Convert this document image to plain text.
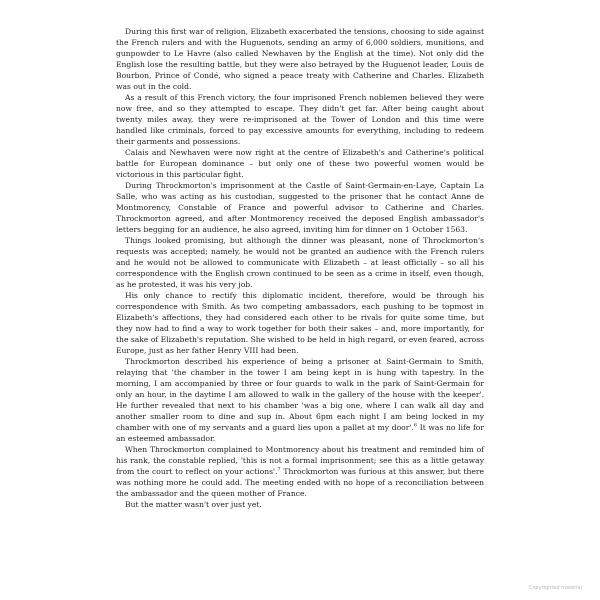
During this first war of religion, Elizabeth exacerbated the tensions, choosing to side against the French rulers and with the Huguenots, sending an army of 6,000 soldiers, munitions, and gunpowder to Le Havre (also called Newhaven by the English at the time). Not only did the English lose the resulting battle, but they were also betrayed by the Huguenot leader, Louis de Bourbon, Prince of Condé, who signed a peace treaty with Catherine and Charles. Elizabeth was out in the cold.

As a result of this French victory, the four imprisoned French noblemen believed they were now free, and so they attempted to escape. They didn't get far. After being caught about twenty miles away, they were re-imprisoned at the Tower of London and this time were handled like criminals, forced to pay excessive amounts for everything, including to redeem their garments and possessions.

Calais and Newhaven were now right at the centre of Elizabeth's and Catherine's political battle for European dominance – but only one of these two powerful women would be victorious in this particular fight.

During Throckmorton's imprisonment at the Castle of Saint-Germain-en-Laye, Captain La Salle, who was acting as his custodian, suggested to the prisoner that he contact Anne de Montmorency, Constable of France and powerful advisor to Catherine and Charles. Throckmorton agreed, and after Montmorency received the deposed English ambassador's letters begging for an audience, he also agreed, inviting him for dinner on 1 October 1563.

Things looked promising, but although the dinner was pleasant, none of Throckmorton's requests was accepted; namely, he would not be granted an audience with the French rulers and he would not be allowed to communicate with Elizabeth – at least officially – so all his correspondence with the English crown continued to be seen as a crime in itself, even though, as he protested, it was his very job.

His only chance to rectify this diplomatic incident, therefore, would be through his correspondence with Smith. As two competing ambassadors, each pushing to be topmost in Elizabeth's affections, they had considered each other to be rivals for quite some time, but they now had to find a way to work together for both their sakes – and, more importantly, for the sake of Elizabeth's reputation. She wished to be held in high regard, or even feared, across Europe, just as her father Henry VIII had been.

Throckmorton described his experience of being a prisoner at Saint-Germain to Smith, relaying that 'the chamber in the tower I am being kept in is hung with tapestry. In the morning, I am accompanied by three or four guards to walk in the park of Saint-Germain for only an hour, in the daytime I am allowed to walk in the gallery of the house with the keeper'. He further revealed that next to his chamber 'was a big one, where I can walk all day and another smaller room to dine and sup in. About 6pm each night I am being locked in my chamber with one of my servants and a guard lies upon a pallet at my door'.$^6$ It was no life for an esteemed ambassador.

When Throckmorton complained to Montmorency about his treatment and reminded him of his rank, the constable replied, 'this is not a formal imprisonment; see this as a little getaway from the court to reflect on your actions'.$^7$ Throckmorton was furious at this answer, but there was nothing more he could add. The meeting ended with no hope of a reconciliation between the ambassador and the queen mother of France.

But the matter wasn't over just yet.

Copyrighted material
